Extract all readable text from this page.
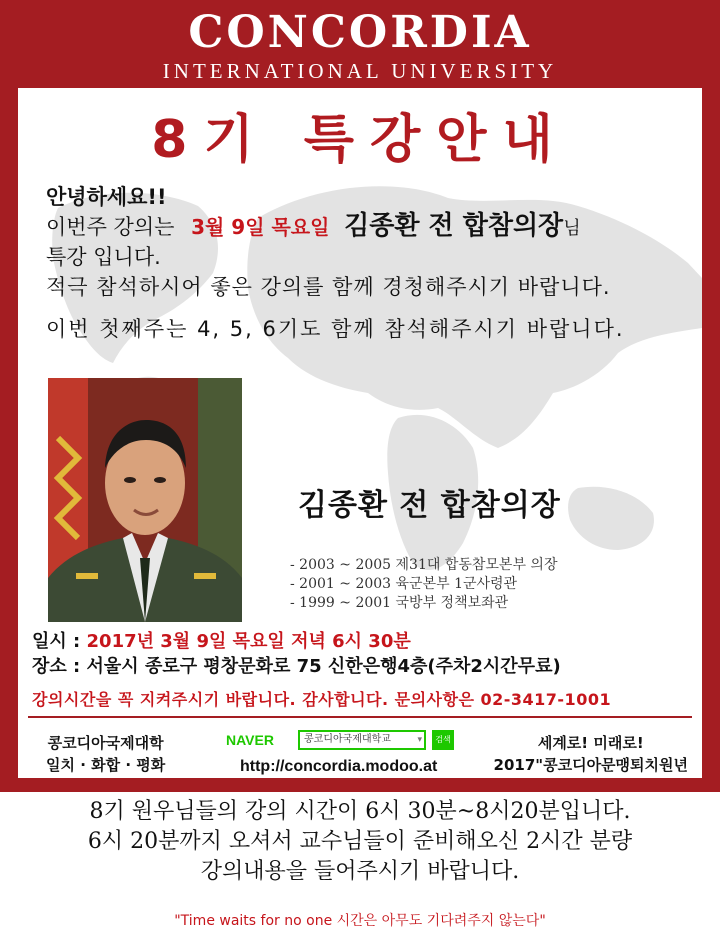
CONCORDIA
INTERNATIONAL UNIVERSITY
8기 특강안내
안녕하세요!!
이번주 강의는 3월 9일 목요일 김종환 전 합참의장님
특강 입니다.
적극 참석하시어 좋은 강의를 함께 경청해주시기 바랍니다.
이번 첫째주는 4, 5, 6기도 함께 참석해주시기 바랍니다.
김종환 전 합참의장
- 2003 ~ 2005 제31대 합동참모본부 의장
- 2001 ~ 2003 육군본부 1군사령관
- 1999 ~ 2001 국방부 정책보좌관
일시 : 2017년 3월 9일 목요일 저녁 6시 30분
장소 : 서울시 종로구 평창문화로 75 신한은행4층(주차2시간무료)
강의시간을 꼭 지켜주시기 바랍니다. 감사합니다. 문의사항은 02-3417-1001
콩코디아국제대학
일치 · 화합 · 평화
NAVER	콩코디아국제대학교	▾	검색
http://concordia.modoo.at
세계로! 미래로!
2017"콩코디아문맹퇴치원년
8기 원우님들의 강의 시간이 6시 30분~8시20분입니다.
6시 20분까지 오셔서 교수님들이 준비해오신 2시간 분량
강의내용을 들어주시기 바랍니다.
"Time waits for no one 시간은 아무도 기다려주지 않는다"
